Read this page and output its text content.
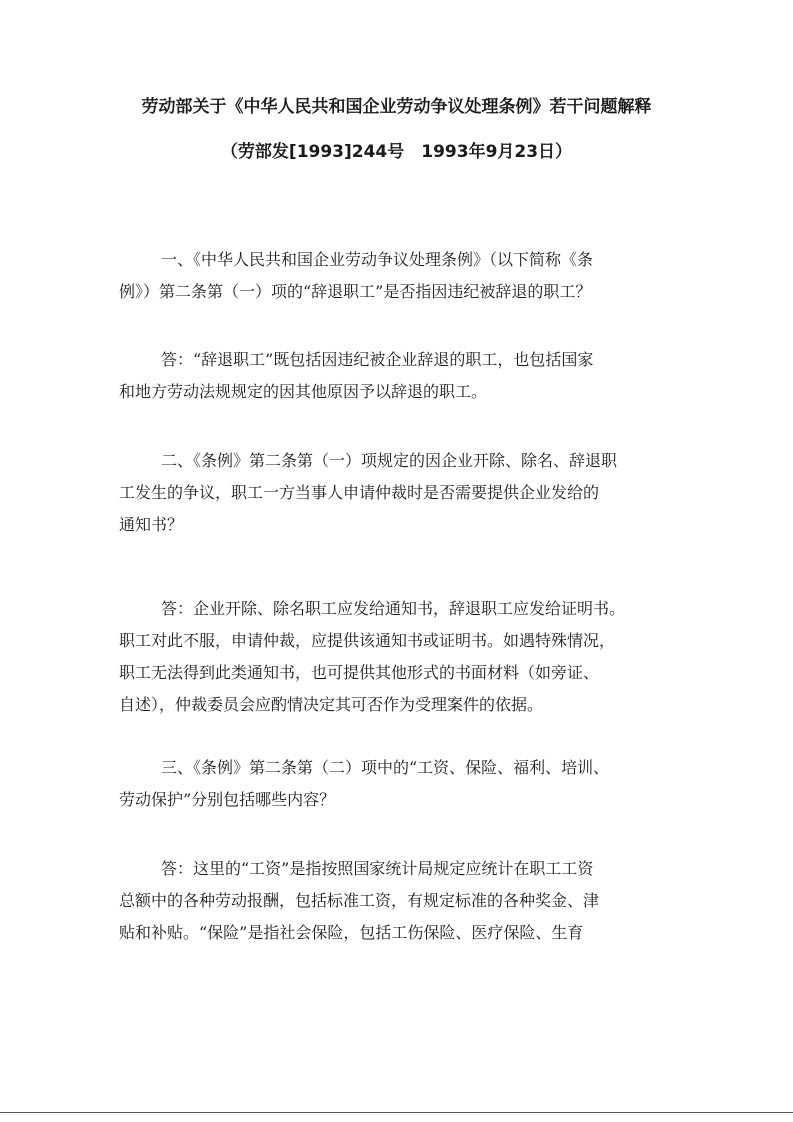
劳动部关于《中华人民共和国企业劳动争议处理条例》若干问题解释
（劳部发[1993]244号　1993年9月23日）
一、《中华人民共和国企业劳动争议处理条例》（以下简称《条
例》）第二条第（一）项的“辞退职工”是否指因违纪被辞退的职工？
答：“辞退职工”既包括因违纪被企业辞退的职工，也包括国家
和地方劳动法规规定的因其他原因予以辞退的职工。
二、《条例》第二条第（一）项规定的因企业开除、除名、辞退职
工发生的争议，职工一方当事人申请仲裁时是否需要提供企业发给的
通知书？
答：企业开除、除名职工应发给通知书，辞退职工应发给证明书。
职工对此不服，申请仲裁，应提供该通知书或证明书。如遇特殊情况，
职工无法得到此类通知书，也可提供其他形式的书面材料（如旁证、
自述），仲裁委员会应酌情决定其可否作为受理案件的依据。
三、《条例》第二条第（二）项中的“工资、保险、福利、培训、
劳动保护”分别包括哪些内容？
答：这里的“工资”是指按照国家统计局规定应统计在职工工资
总额中的各种劳动报酬，包括标准工资，有规定标准的各种奖金、津
贴和补贴。“保险”是指社会保险，包括工伤保险、医疗保险、生育
